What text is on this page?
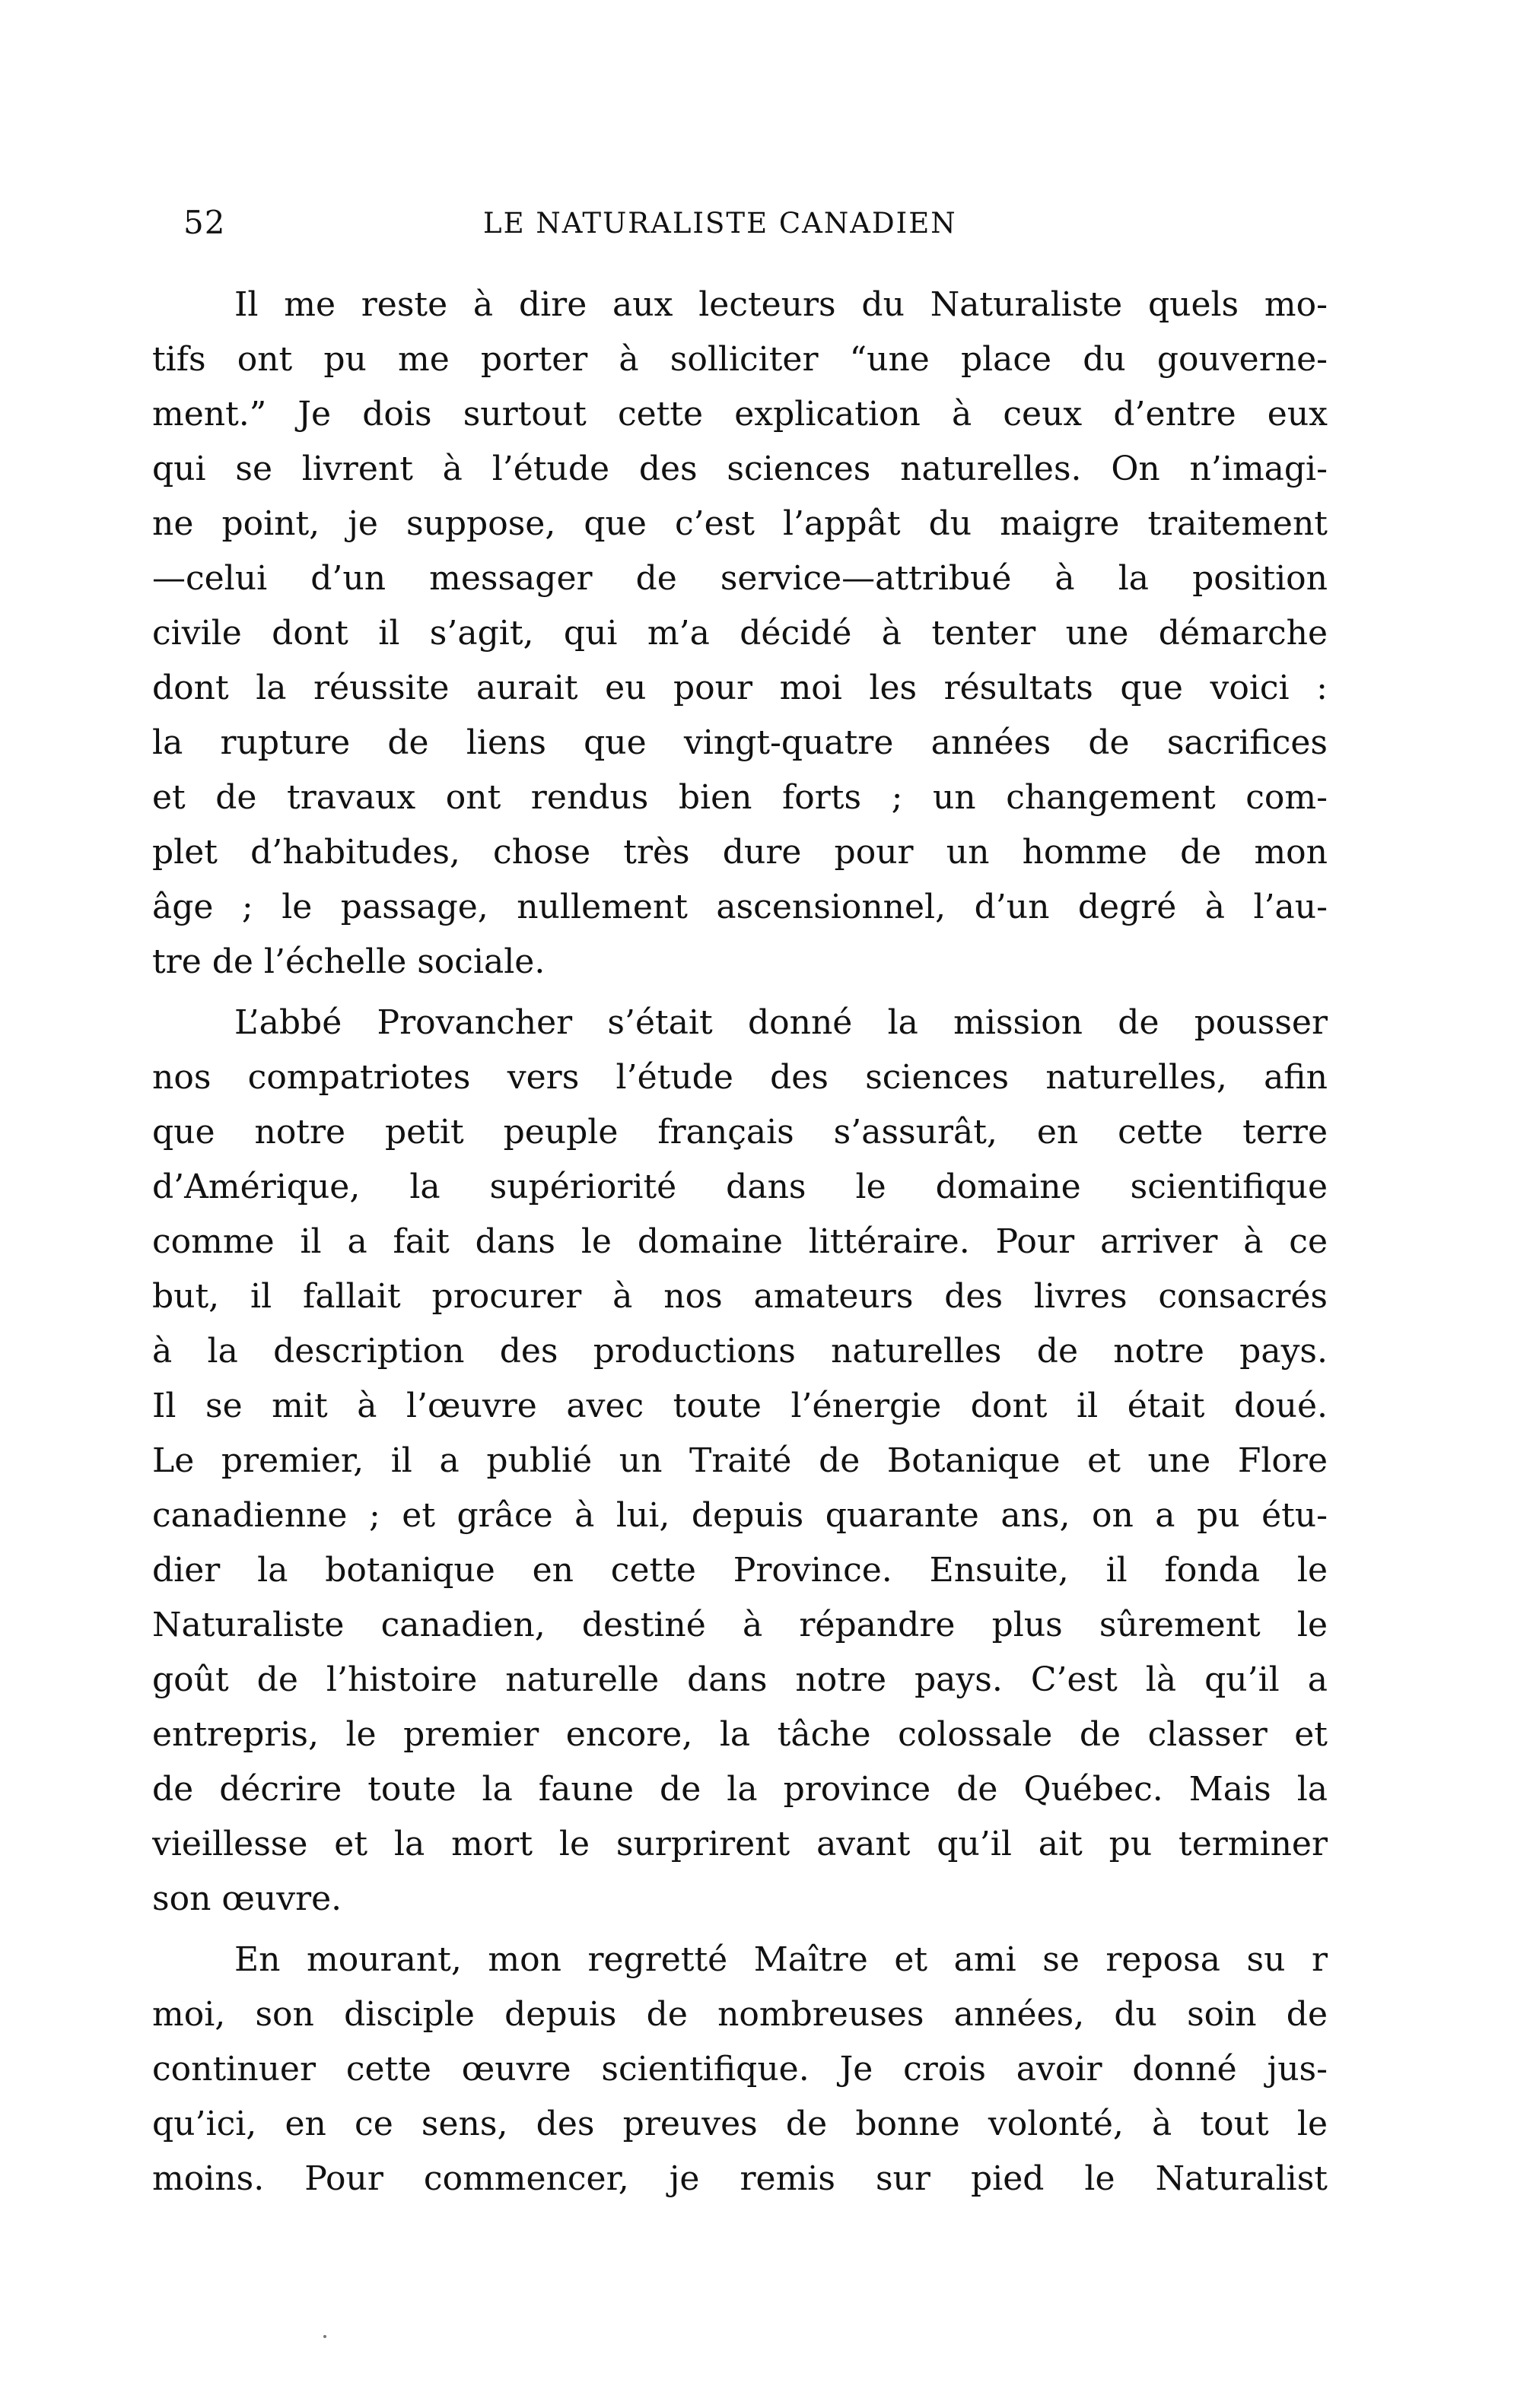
52	LE NATURALISTE CANADIEN
Il me reste à dire aux lecteurs du Naturaliste quels mo-
tifs ont pu me porter à solliciter “une place du gouverne-
ment.” Je dois surtout cette explication à ceux d’entre eux
qui se livrent à l’étude des sciences naturelles. On n’imagi-
ne point, je suppose, que c’est l’appât du maigre traitement
—celui d’un messager de service—attribué à la position
civile dont il s’agit, qui m’a décidé à tenter une démarche
dont la réussite aurait eu pour moi les résultats que voici :
la rupture de liens que vingt-quatre années de sacrifices
et de travaux ont rendus bien forts ; un changement com-
plet d’habitudes, chose très dure pour un homme de mon
âge ; le passage, nullement ascensionnel, d’un degré à l’au-
tre de l’échelle sociale.
L’abbé Provancher s’était donné la mission de pousser
nos compatriotes vers l’étude des sciences naturelles, afin
que notre petit peuple français s’assurât, en cette terre
d’Amérique, la supériorité dans le domaine scientifique
comme il a fait dans le domaine littéraire. Pour arriver à ce
but, il fallait procurer à nos amateurs des livres consacrés
à la description des productions naturelles de notre pays.
Il se mit à l’œuvre avec toute l’énergie dont il était doué.
Le premier, il a publié un Traité de Botanique et une Flore
canadienne ; et grâce à lui, depuis quarante ans, on a pu étu-
dier la botanique en cette Province. Ensuite, il fonda le
Naturaliste canadien, destiné à répandre plus sûrement le
goût de l’histoire naturelle dans notre pays. C’est là qu’il a
entrepris, le premier encore, la tâche colossale de classer et
de décrire toute la faune de la province de Québec. Mais la
vieillesse et la mort le surprirent avant qu’il ait pu terminer
son œuvre.
En mourant, mon regretté Maître et ami se reposa su r
moi, son disciple depuis de nombreuses années, du soin de
continuer cette œuvre scientifique. Je crois avoir donné jus-
qu’ici, en ce sens, des preuves de bonne volonté, à tout le
moins. Pour commencer, je remis sur pied le Naturalist
